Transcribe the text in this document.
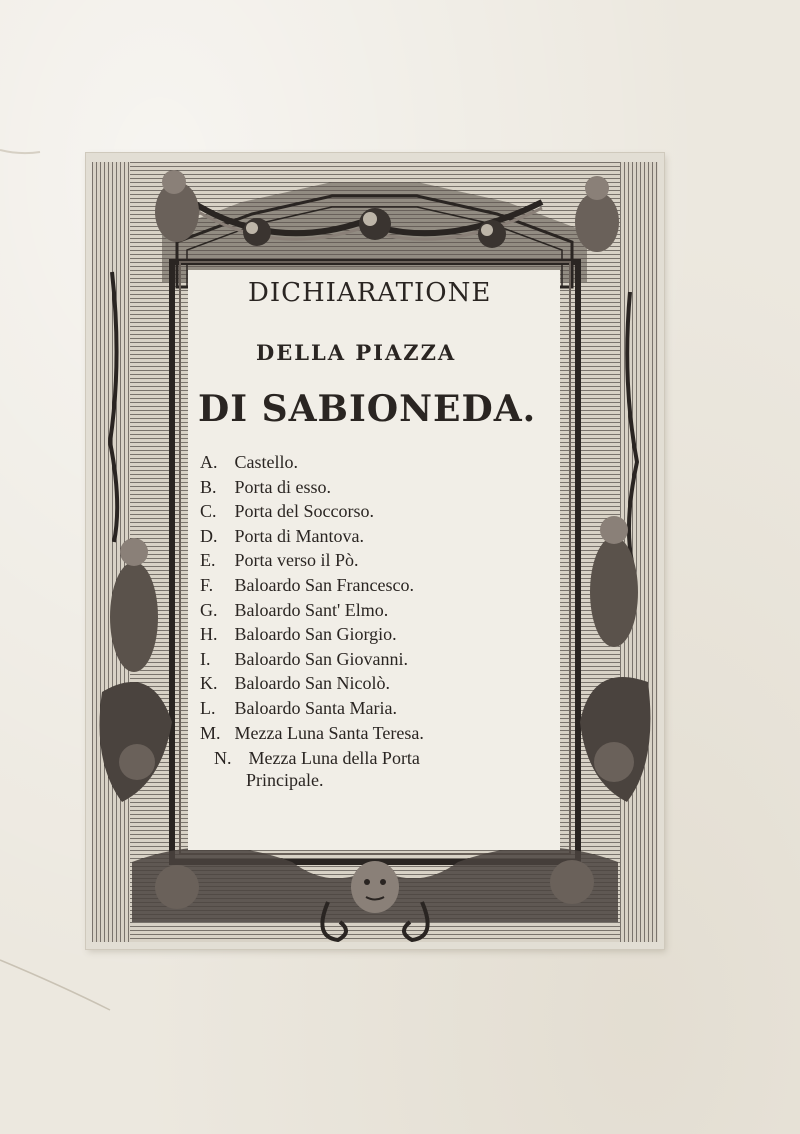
DICHIARATIONE
DELLA PIAZZA
DI SABIONEDA.
A. Castello.
B. Porta di esso.
C. Porta del Soccorso.
D. Porta di Mantova.
E. Porta verso il Pò.
F. Baloardo San Francesco.
G. Baloardo Sant' Elmo.
H. Baloardo San Giorgio.
I. Baloardo San Giovanni.
K. Baloardo San Nicolò.
L. Baloardo Santa Maria.
M. Mezza Luna Santa Teresa.
N. Mezza Luna della Porta
Principale.
